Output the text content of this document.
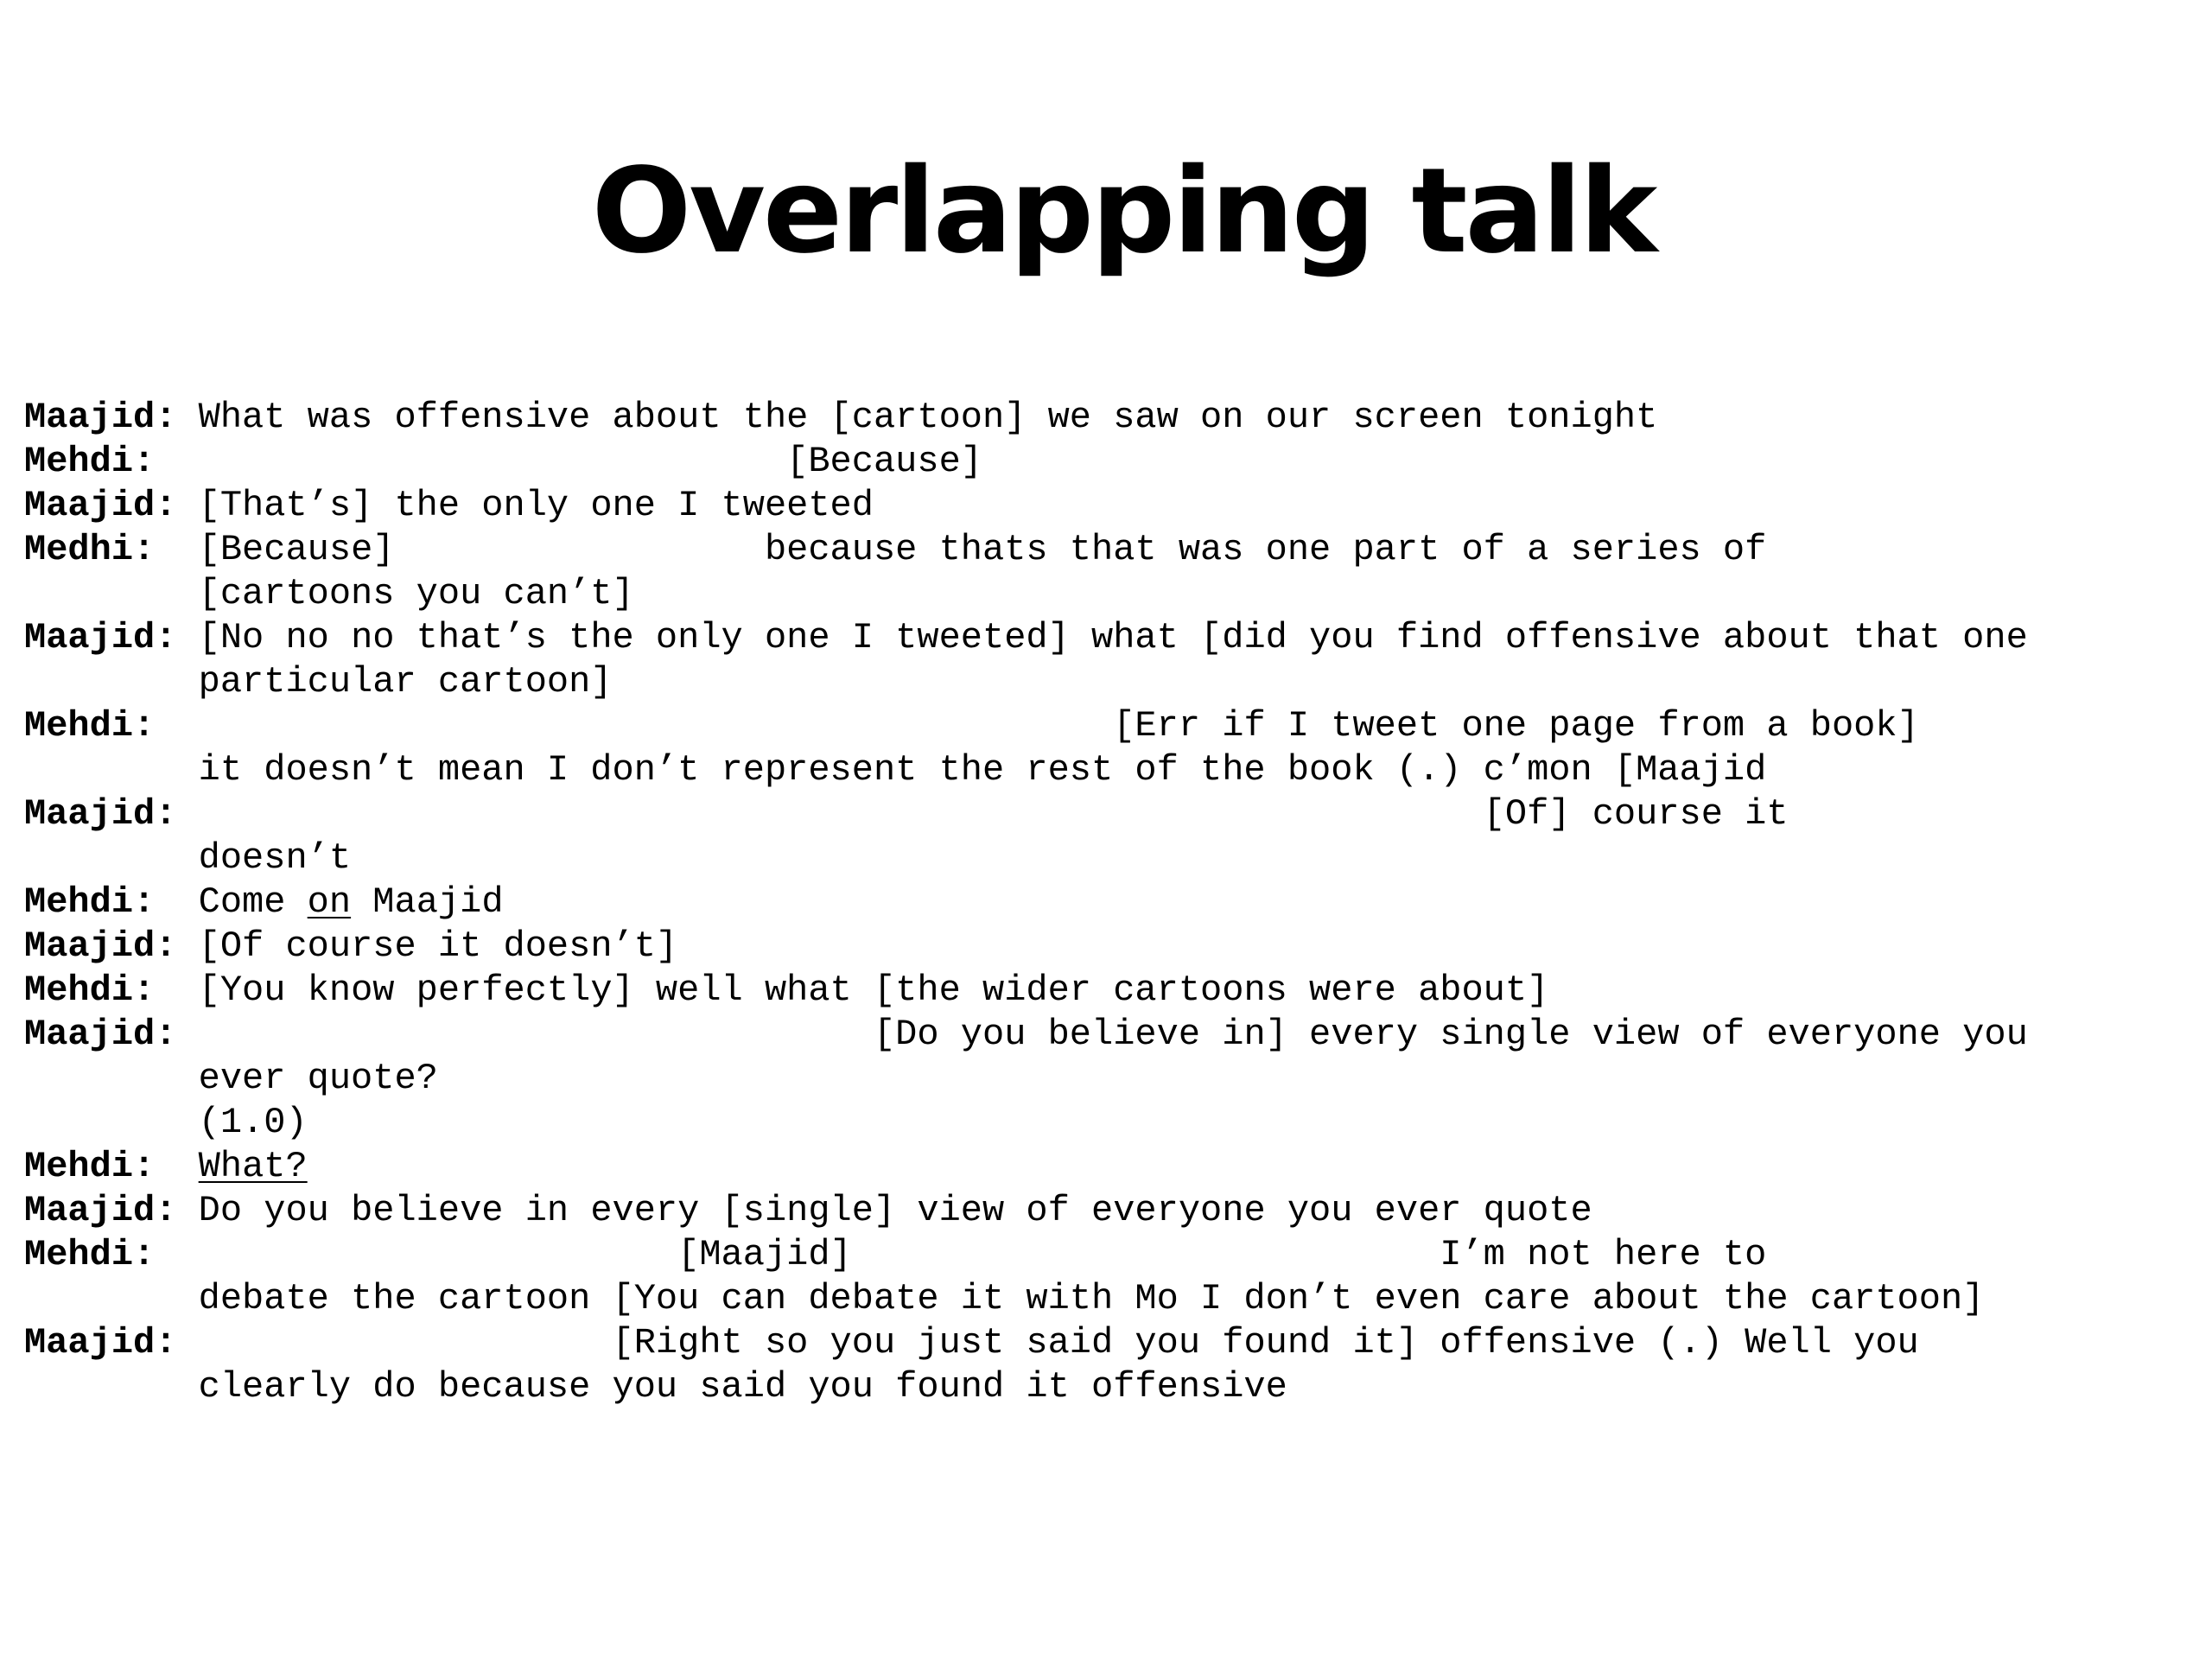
Overlapping talk
Maajid: What was offensive about the [cartoon] we saw on our screen tonight
Mehdi:                             [Because]
Maajid: [That’s] the only one I tweeted
Medhi:  [Because]                 because thats that was one part of a series of
[cartoons you can’t]
Maajid: [No no no that’s the only one I tweeted] what [did you find offensive about that one
particular cartoon]
Mehdi:                                            [Err if I tweet one page from a book]
it doesn’t mean I don’t represent the rest of the book (.) c’mon [Maajid
Maajid:                                                            [Of] course it
doesn’t
Mehdi:  Come on Maajid
Maajid: [Of course it doesn’t]
Mehdi:  [You know perfectly] well what [the wider cartoons were about]
Maajid:                                [Do you believe in] every single view of everyone you
ever quote?
(1.0)
Mehdi: What?
Maajid: Do you believe in every [single] view of everyone you ever quote
Mehdi:                        [Maajid]                           I’m not here to
debate the cartoon [You can debate it with Mo I don’t even care about the cartoon]
Maajid:                    [Right so you just said you found it] offensive (.) Well you
clearly do because you said you found it offensive
